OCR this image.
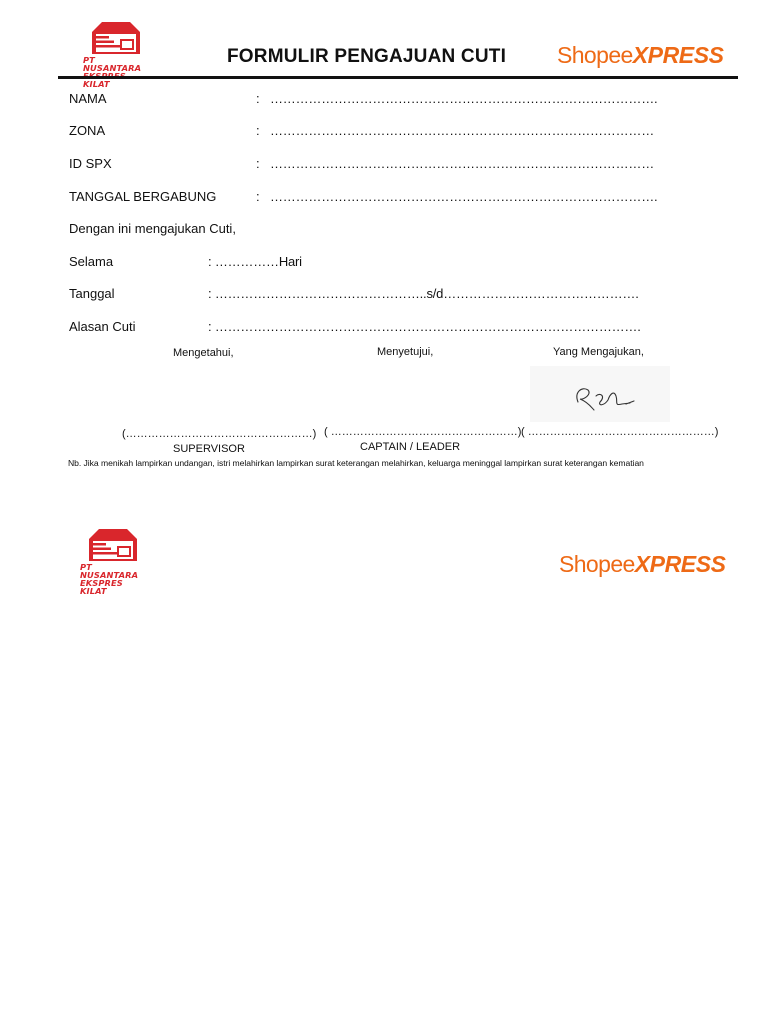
PT NUSANTARA
KILAT
FORMULIR PENGAJUAN CUTI ShopeeXPRESS
NAMA	: ……………………………………………………………………………….
ZONA	: ………………………………………………………………………………
ID SPX	: ………………………………………………………………………………
TANGGAL BERGABUNG	: ……………………………………………………………………………….
Dengan ini mengajukan Cuti,
Selama	: ……………Hari
Tanggal	: …………………………………………..s/d……………………………………….
Alasan Cuti	: ……………………………………………………………………………………….
Mengetahui,	Menyetujui,	Yang Mengajukan,
(……………………………………………) ( ……………………………………………) ( ……………………………………………)
SUPERVISOR	CAPTAIN / LEADER
Nb. Jika menikah lampirkan undangan, istri melahirkan lampirkan surat keterangan melahirkan, keluarga meninggal lampirkan surat keterangan kematian
PT NUSANTARA
EKSPRES KILAT
ShopeeXPRESS
